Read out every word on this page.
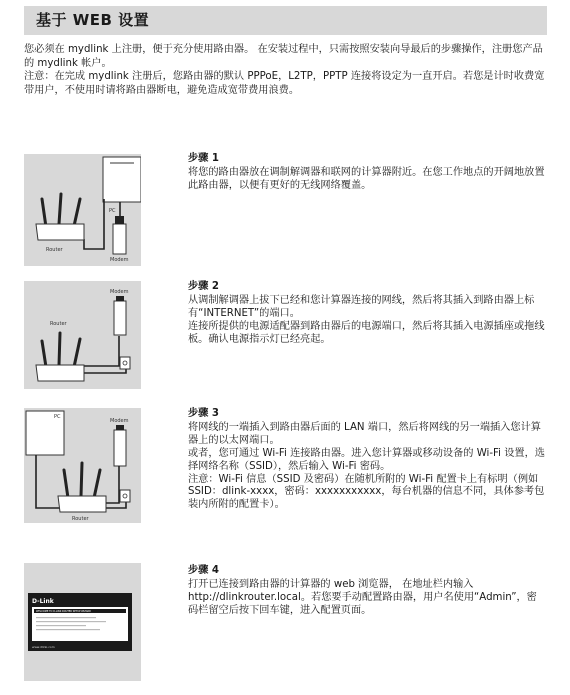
基于 WEB 设置

您必须在 mydlink 上注册，便于充分使用路由器。 在安装过程中，只需按照安装向导最后的步骤操作，注册您产品的 mydlink 帐户。

注意：在完成 mydlink 注册后，您路由器的默认 PPPoE，L2TP，PPTP 连接将设定为一直开启。若您是计时收费宽带用户，不使用时请将路由器断电，避免造成宽带费用浪费。

PC
Router
Modem

步骤 1

将您的路由器放在调制解调器和联网的计算器附近。在您工作地点的开阔地放置此路由器，以便有更好的无线网络覆盖。

Modem
Router

步骤 2

从调制解调器上拔下已经和您计算器连接的网线，然后将其插入到路由器上标有“INTERNET”的端口。

连接所提供的电源适配器到路由器后的电源端口，然后将其插入电源插座或拖线板。确认电源指示灯已经亮起。

PC
Modem
Router

步骤 3

将网线的一端插入到路由器后面的 LAN 端口，然后将网线的另一端插入您计算器上的以太网端口。

或者，您可通过 Wi-Fi 连接路由器。进入您计算器或移动设备的 Wi-Fi 设置，选择网络名称（SSID），然后输入 Wi-Fi 密码。

注意：Wi-Fi 信息（SSID 及密码）在随机所附的 Wi-Fi 配置卡上有标明（例如 SSID：dlink-xxxx，密码：xxxxxxxxxxx，每台机器的信息不同，具体参考包装内所附的配置卡）。

D-Link
WELCOME TO D-LINK ROUTER SETUP WIZARD
www.dlink.com

步骤 4

打开已连接到路由器的计算器的 web 浏览器， 在地址栏内输入 http://dlinkrouter.local。若您要手动配置路由器，用户名使用“Admin”，密码栏留空后按下回车键，进入配置页面。
